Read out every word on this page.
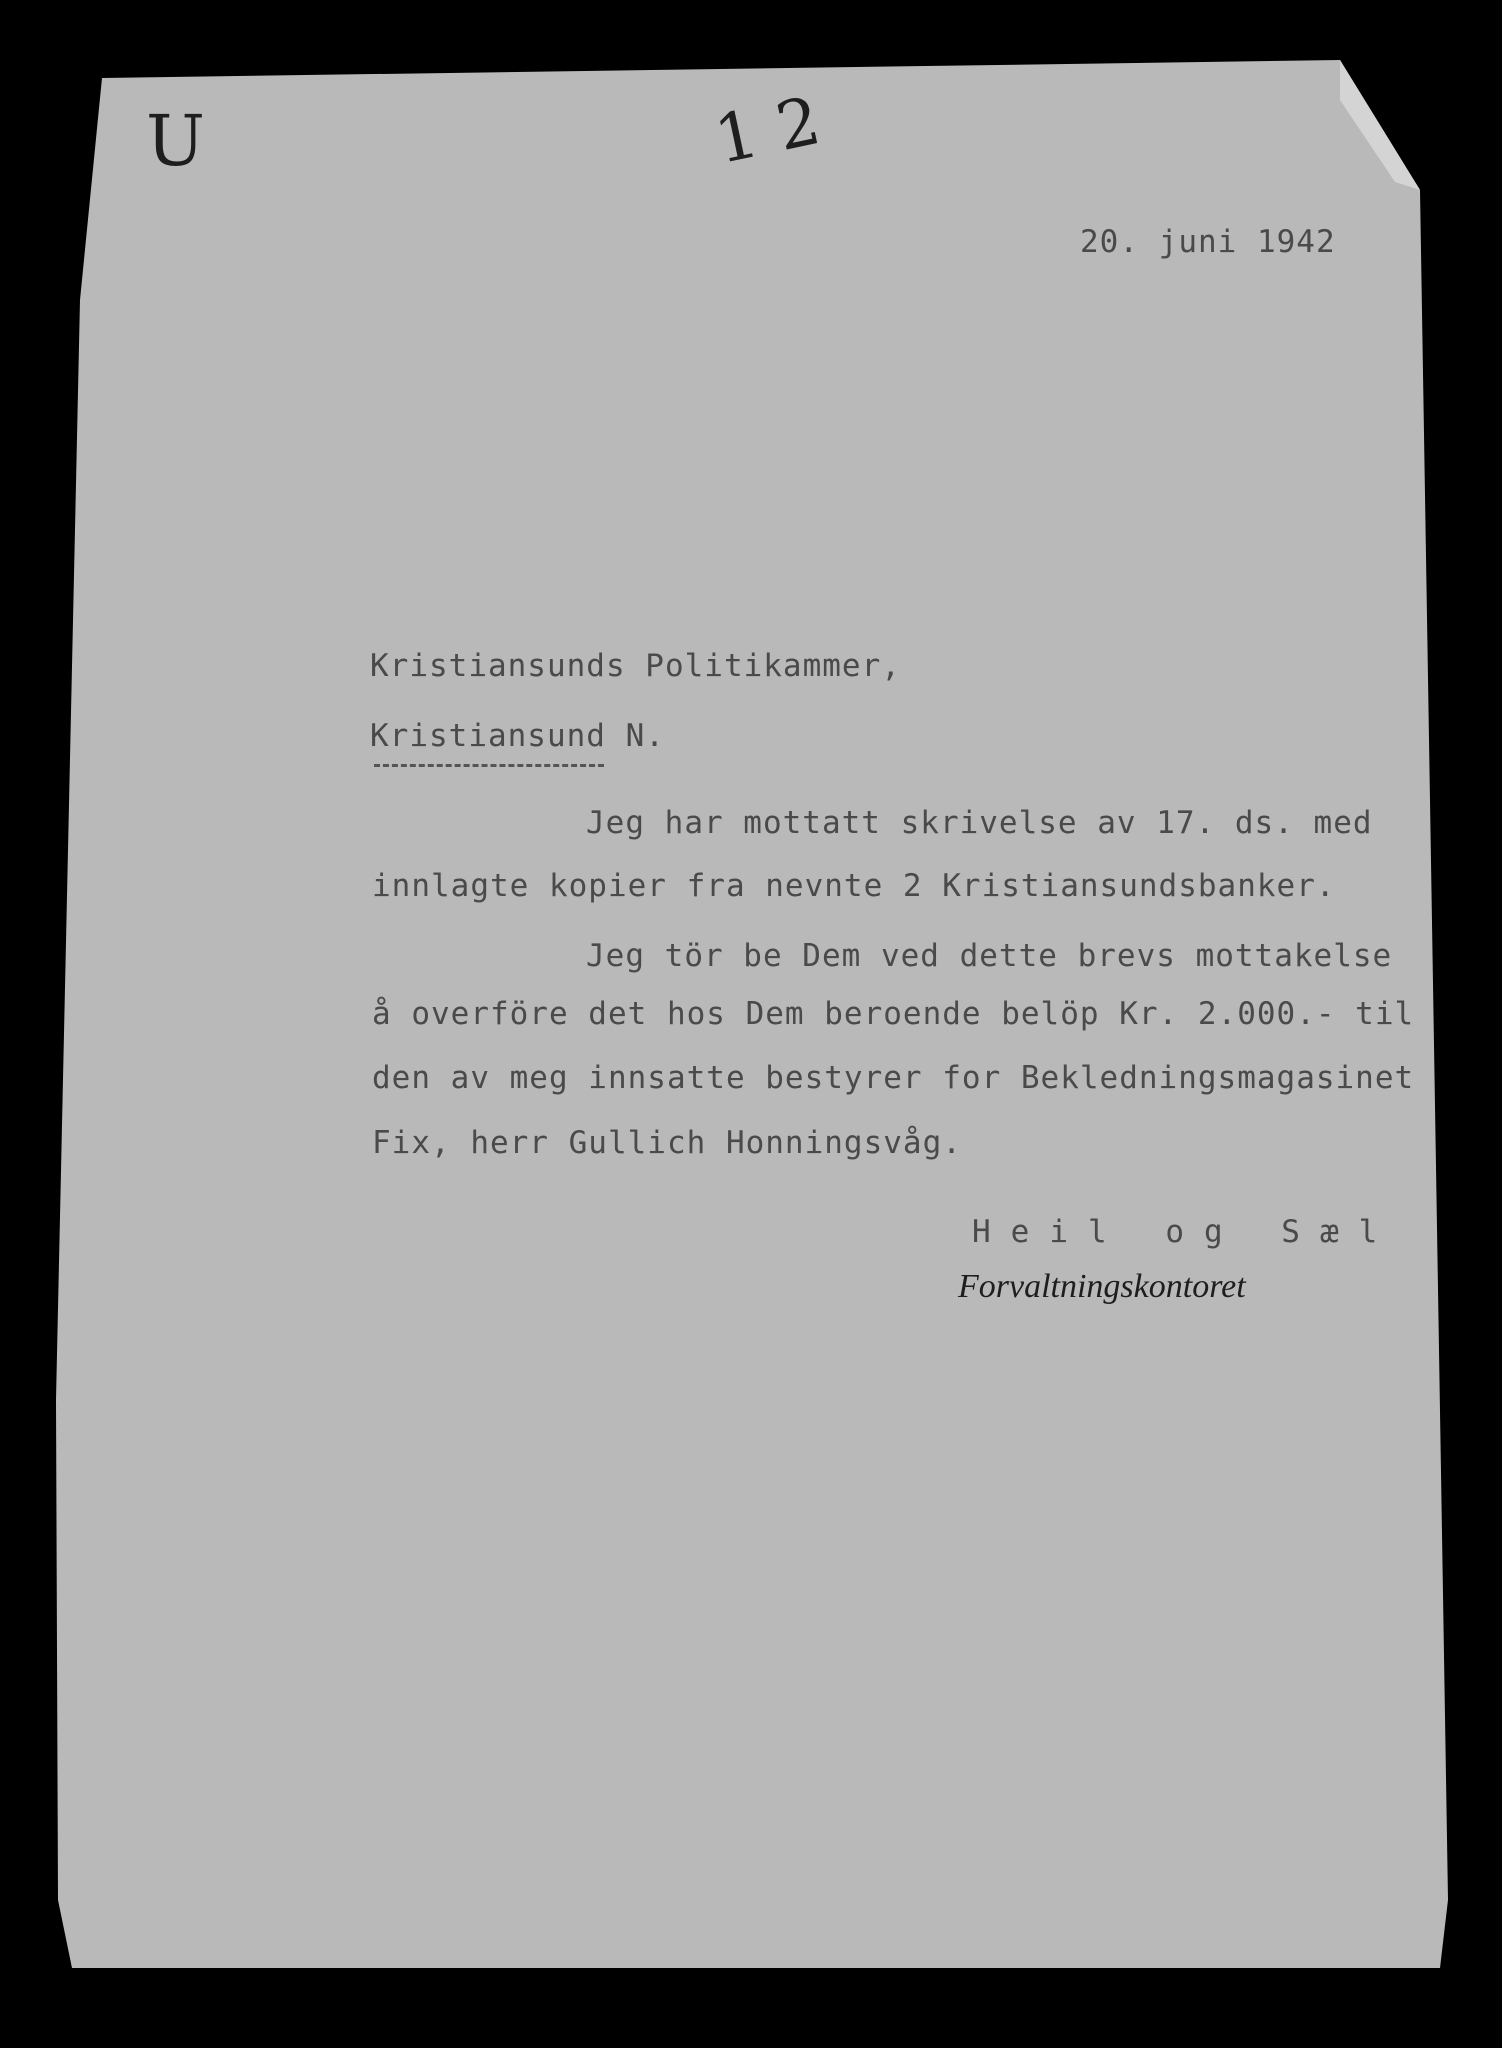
U	1 2
20. juni 1942
Kristiansunds Politikammer,
Kristiansund N.
Jeg har mottatt skrivelse av 17. ds. med
innlagte kopier fra nevnte 2 Kristiansundsbanker.
Jeg tör be Dem ved dette brevs mottakelse
å overföre det hos Dem beroende belöp Kr. 2.000.- til
den av meg innsatte bestyrer for Bekledningsmagasinet
Fix, herr Gullich Honningsvåg.
Heil og Sæl
Forvaltningskontoret
